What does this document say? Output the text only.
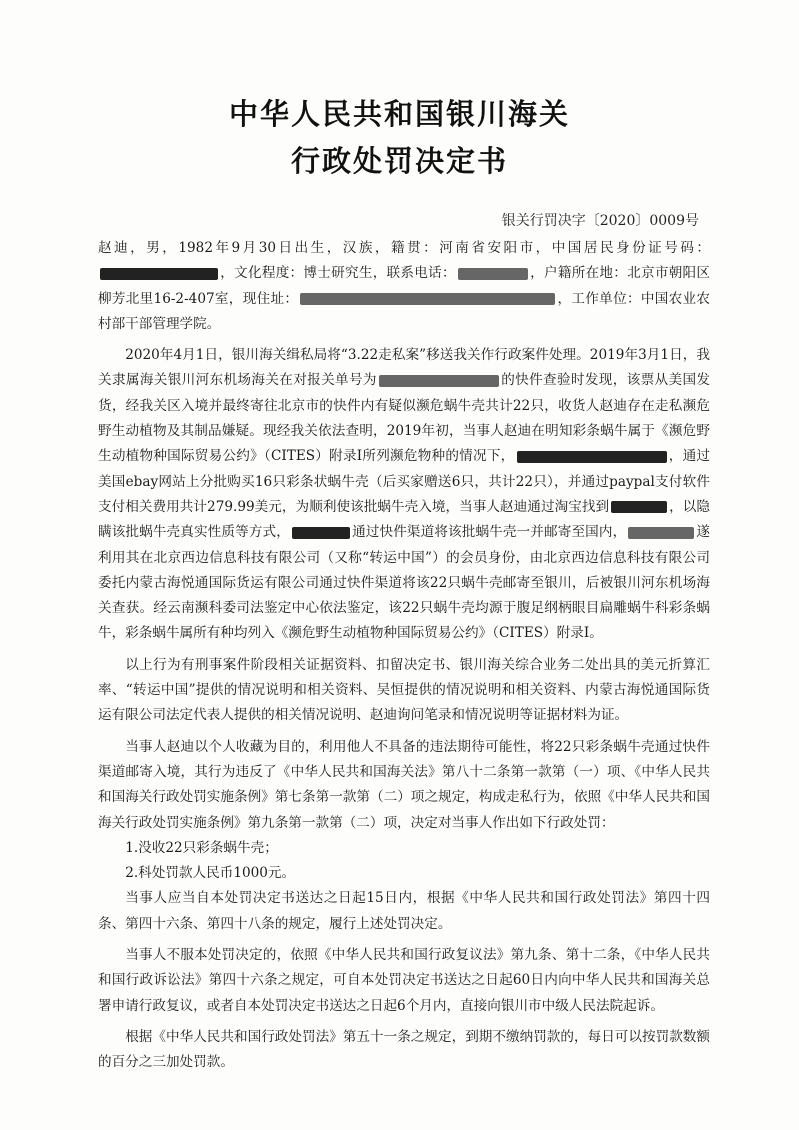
中华人民共和国银川海关
行政处罚决定书
银关行罚决字〔2020〕0009号

赵迪，男，1982年9月30日出生，汉族，籍贯：河南省安阳市，中国居民身份证号码：，文化程度：博士研究生，联系电话：	，户籍所在地：北京市朝阳区柳芳北里16-2-407室，现住址：	，工作单位：中国农业农村部干部管理学院。

2020年4月1日，银川海关缉私局将“3.22走私案”移送我关作行政案件处理。2019年3月1日，我关隶属海关银川河东机场海关在对报关单号为	的快件查验时发现，该票从美国发货，经我关区入境并最终寄往北京市的快件内有疑似濒危蜗牛壳共计22只，收货人赵迪存在走私濒危野生动植物及其制品嫌疑。现经我关依法查明，2019年初，当事人赵迪在明知彩条蜗牛属于《濒危野生动植物种国际贸易公约》（CITES）附录I所列濒危物种的情况下，	，通过美国ebay网站上分批购买16只彩条状蜗牛壳（后买家赠送6只，共计22只），并通过paypal支付软件支付相关费用共计279.99美元，为顺利使该批蜗牛壳入境，当事人赵迪通过淘宝找到	，以隐瞒该批蜗牛壳真实性质等方式，	通过快件渠道将该批蜗牛壳一并邮寄至国内，	遂利用其在北京西边信息科技有限公司（又称“转运中国”）的会员身份，由北京西边信息科技有限公司委托内蒙古海悦通国际货运有限公司通过快件渠道将该22只蜗牛壳邮寄至银川，后被银川河东机场海关查获。经云南濒科委司法鉴定中心依法鉴定，该22只蜗牛壳均源于腹足纲柄眼目扁雕蜗牛科彩条蜗牛，彩条蜗牛属所有种均列入《濒危野生动植物种国际贸易公约》（CITES）附录I。

以上行为有刑事案件阶段相关证据资料、扣留决定书、银川海关综合业务二处出具的美元折算汇率、“转运中国”提供的情况说明和相关资料、吴恒提供的情况说明和相关资料、内蒙古海悦通国际货运有限公司法定代表人提供的相关情况说明、赵迪询问笔录和情况说明等证据材料为证。

当事人赵迪以个人收藏为目的，利用他人不具备的违法期待可能性，将22只彩条蜗牛壳通过快件渠道邮寄入境，其行为违反了《中华人民共和国海关法》第八十二条第一款第（一）项、《中华人民共和国海关行政处罚实施条例》第七条第一款第（二）项之规定，构成走私行为，依照《中华人民共和国海关行政处罚实施条例》第九条第一款第（二）项，决定对当事人作出如下行政处罚：

1.没收22只彩条蜗牛壳；

2.科处罚款人民币1000元。

当事人应当自本处罚决定书送达之日起15日内，根据《中华人民共和国行政处罚法》第四十四条、第四十六条、第四十八条的规定，履行上述处罚决定。

当事人不服本处罚决定的，依照《中华人民共和国行政复议法》第九条、第十二条，《中华人民共和国行政诉讼法》第四十六条之规定，可自本处罚决定书送达之日起60日内向中华人民共和国海关总署申请行政复议，或者自本处罚决定书送达之日起6个月内，直接向银川市中级人民法院起诉。

根据《中华人民共和国行政处罚法》第五十一条之规定，到期不缴纳罚款的，每日可以按罚款数额的百分之三加处罚款。
